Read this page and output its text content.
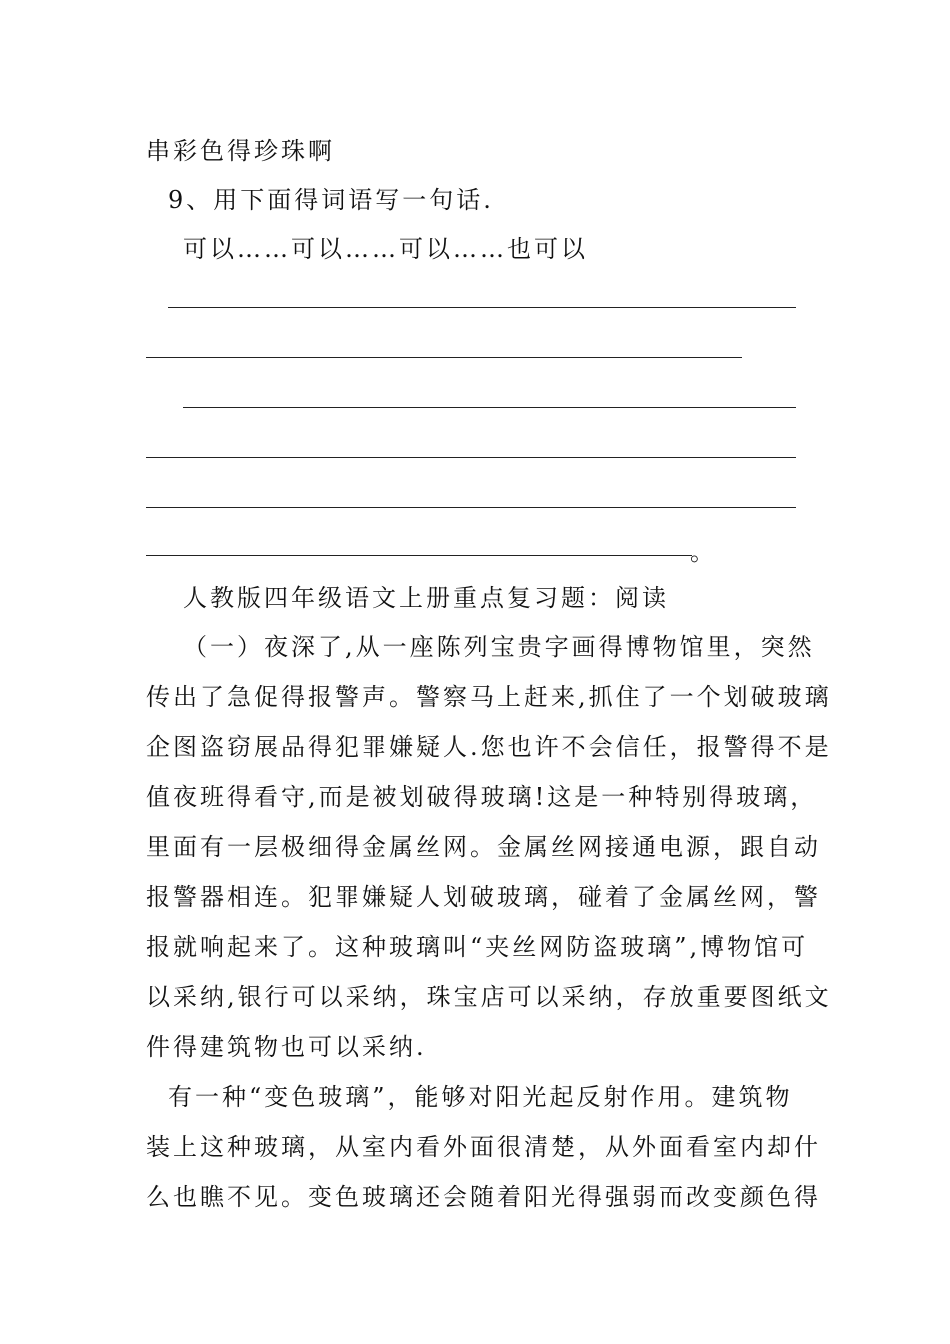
串彩色得珍珠啊
9、用下面得词语写一句话.
可以……可以……可以……也可以
。
人教版四年级语文上册重点复习题：阅读
（一）夜深了,从一座陈列宝贵字画得博物馆里，突然
传出了急促得报警声。警察马上赶来,抓住了一个划破玻璃
企图盗窃展品得犯罪嫌疑人.您也许不会信任，报警得不是
值夜班得看守,而是被划破得玻璃!这是一种特别得玻璃，
里面有一层极细得金属丝网。金属丝网接通电源，跟自动
报警器相连。犯罪嫌疑人划破玻璃，碰着了金属丝网，警
报就响起来了。这种玻璃叫“夹丝网防盗玻璃”,博物馆可
以采纳,银行可以采纳，珠宝店可以采纳，存放重要图纸文
件得建筑物也可以采纳.
有一种“变色玻璃”，能够对阳光起反射作用。建筑物
装上这种玻璃，从室内看外面很清楚，从外面看室内却什
么也瞧不见。变色玻璃还会随着阳光得强弱而改变颜色得
